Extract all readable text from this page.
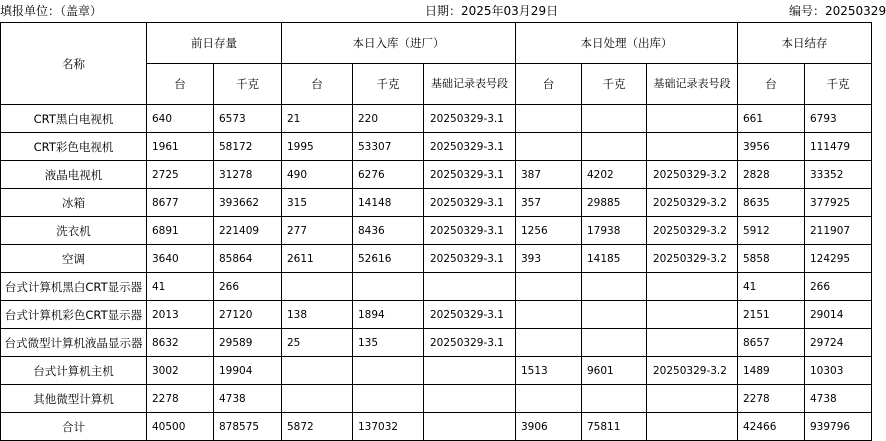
填报单位：（盖章）	日期：2025年03月29日	编号：20250329
名称	前日存量		本日入库（进厂）			本日处理（出库）			本日结存	
	台	千克	台	千克	基础记录表号段	台	千克	基础记录表号段	台	千克
CRT黑白电视机	640	6573	21	220	20250329-3.1				661	6793
CRT彩色电视机	1961	58172	1995	53307	20250329-3.1				3956	111479
液晶电视机	2725	31278	490	6276	20250329-3.1	387	4202	20250329-3.2	2828	33352
冰箱	8677	393662	315	14148	20250329-3.1	357	29885	20250329-3.2	8635	377925
洗衣机	6891	221409	277	8436	20250329-3.1	1256	17938	20250329-3.2	5912	211907
空调	3640	85864	2611	52616	20250329-3.1	393	14185	20250329-3.2	5858	124295
台式计算机黑白CRT显示器	41	266							41	266
台式计算机彩色CRT显示器	2013	27120	138	1894	20250329-3.1				2151	29014
台式微型计算机液晶显示器	8632	29589	25	135	20250329-3.1				8657	29724
台式计算机主机	3002	19904				1513	9601	20250329-3.2	1489	10303
其他微型计算机	2278	4738							2278	4738
合计	40500	878575	5872	137032		3906	75811		42466	939796
